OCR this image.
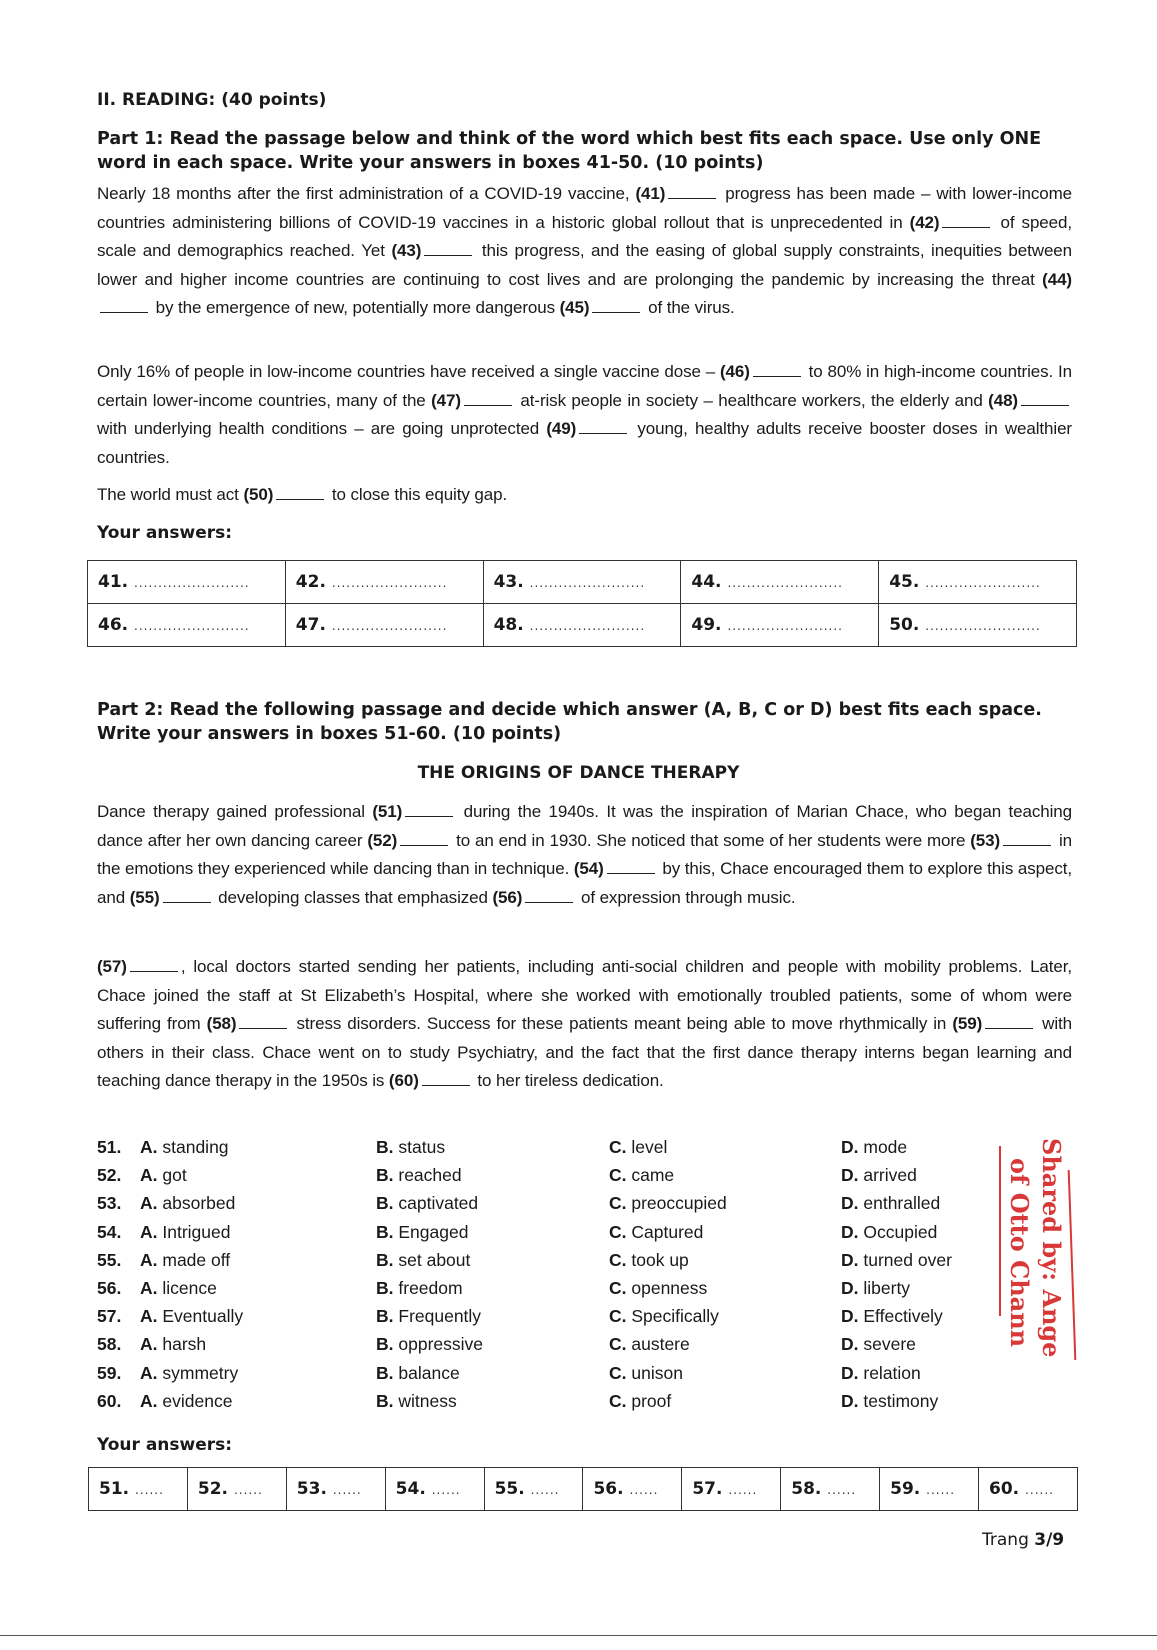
II. READING: (40 points)
Part 1: Read the passage below and think of the word which best fits each space. Use only ONE word in each space. Write your answers in boxes 41-50. (10 points)
Nearly 18 months after the first administration of a COVID-19 vaccine, (41)	progress has been made – with lower-income countries administering billions of COVID-19 vaccines in a historic global rollout that is unprecedented in (42)	of speed, scale and demographics reached. Yet (43)	this progress, and the easing of global supply constraints, inequities between lower and higher income countries are continuing to cost lives and are prolonging the pandemic by increasing the threat (44) by the emergence of new, potentially more dangerous (45)	of the virus.
Only 16% of people in low-income countries have received a single vaccine dose – (46)	to 80% in high-income countries. In certain lower-income countries, many of the (47)	at-risk people in society – healthcare workers, the elderly and (48) with underlying health conditions – are going unprotected (49)	young, healthy adults receive booster doses in wealthier countries.
The world must act (50)	to close this equity gap.
Your answers:
41. ........................	42. ........................	43. ........................	44. ........................	45. ........................
46. ........................	47. ........................	48. ........................	49. ........................	50. ........................
Part 2: Read the following passage and decide which answer (A, B, C or D) best fits each space. Write your answers in boxes 51-60. (10 points)
THE ORIGINS OF DANCE THERAPY
Dance therapy gained professional (51)	during the 1940s. It was the inspiration of Marian Chace, who began teaching dance after her own dancing career (52)	to an end in 1930. She noticed that some of her students were more (53)	in the emotions they experienced while dancing than in technique. (54)	by this, Chace encouraged them to explore this aspect, and (55)	developing classes that emphasized (56)	of expression through music.
(57)	, local doctors started sending her patients, including anti-social children and people with mobility problems. Later, Chace joined the staff at St Elizabeth’s Hospital, where she worked with emotionally troubled patients, some of whom were suffering from (58)	stress disorders. Success for these patients meant being able to move rhythmically in (59)	with others in their class. Chace went on to study Psychiatry, and the fact that the first dance therapy interns began learning and teaching dance therapy in the 1950s is (60)	to her tireless dedication.
51. A. standing	B. status	C. level	D. mode
52. A. got	B. reached	C. came	D. arrived
53. A. absorbed	B. captivated	C. preoccupied	D. enthralled
54. A. Intrigued	B. Engaged	C. Captured	D. Occupied
55. A. made off	B. set about	C. took up	D. turned over
56. A. licence	B. freedom	C. openness	D. liberty
57. A. Eventually	B. Frequently	C. Specifically	D. Effectively
58. A. harsh	B. oppressive	C. austere	D. severe
59. A. symmetry	B. balance	C. unison	D. relation
60. A. evidence	B. witness	C. proof	D. testimony
Shared by: Ange
of Otto Chann
Your answers:
51. ......	52. ......	53. ......	54. ......	55. ......	56. ......	57. ......	58. ......	59. ......	60. ......
Trang 3/9
